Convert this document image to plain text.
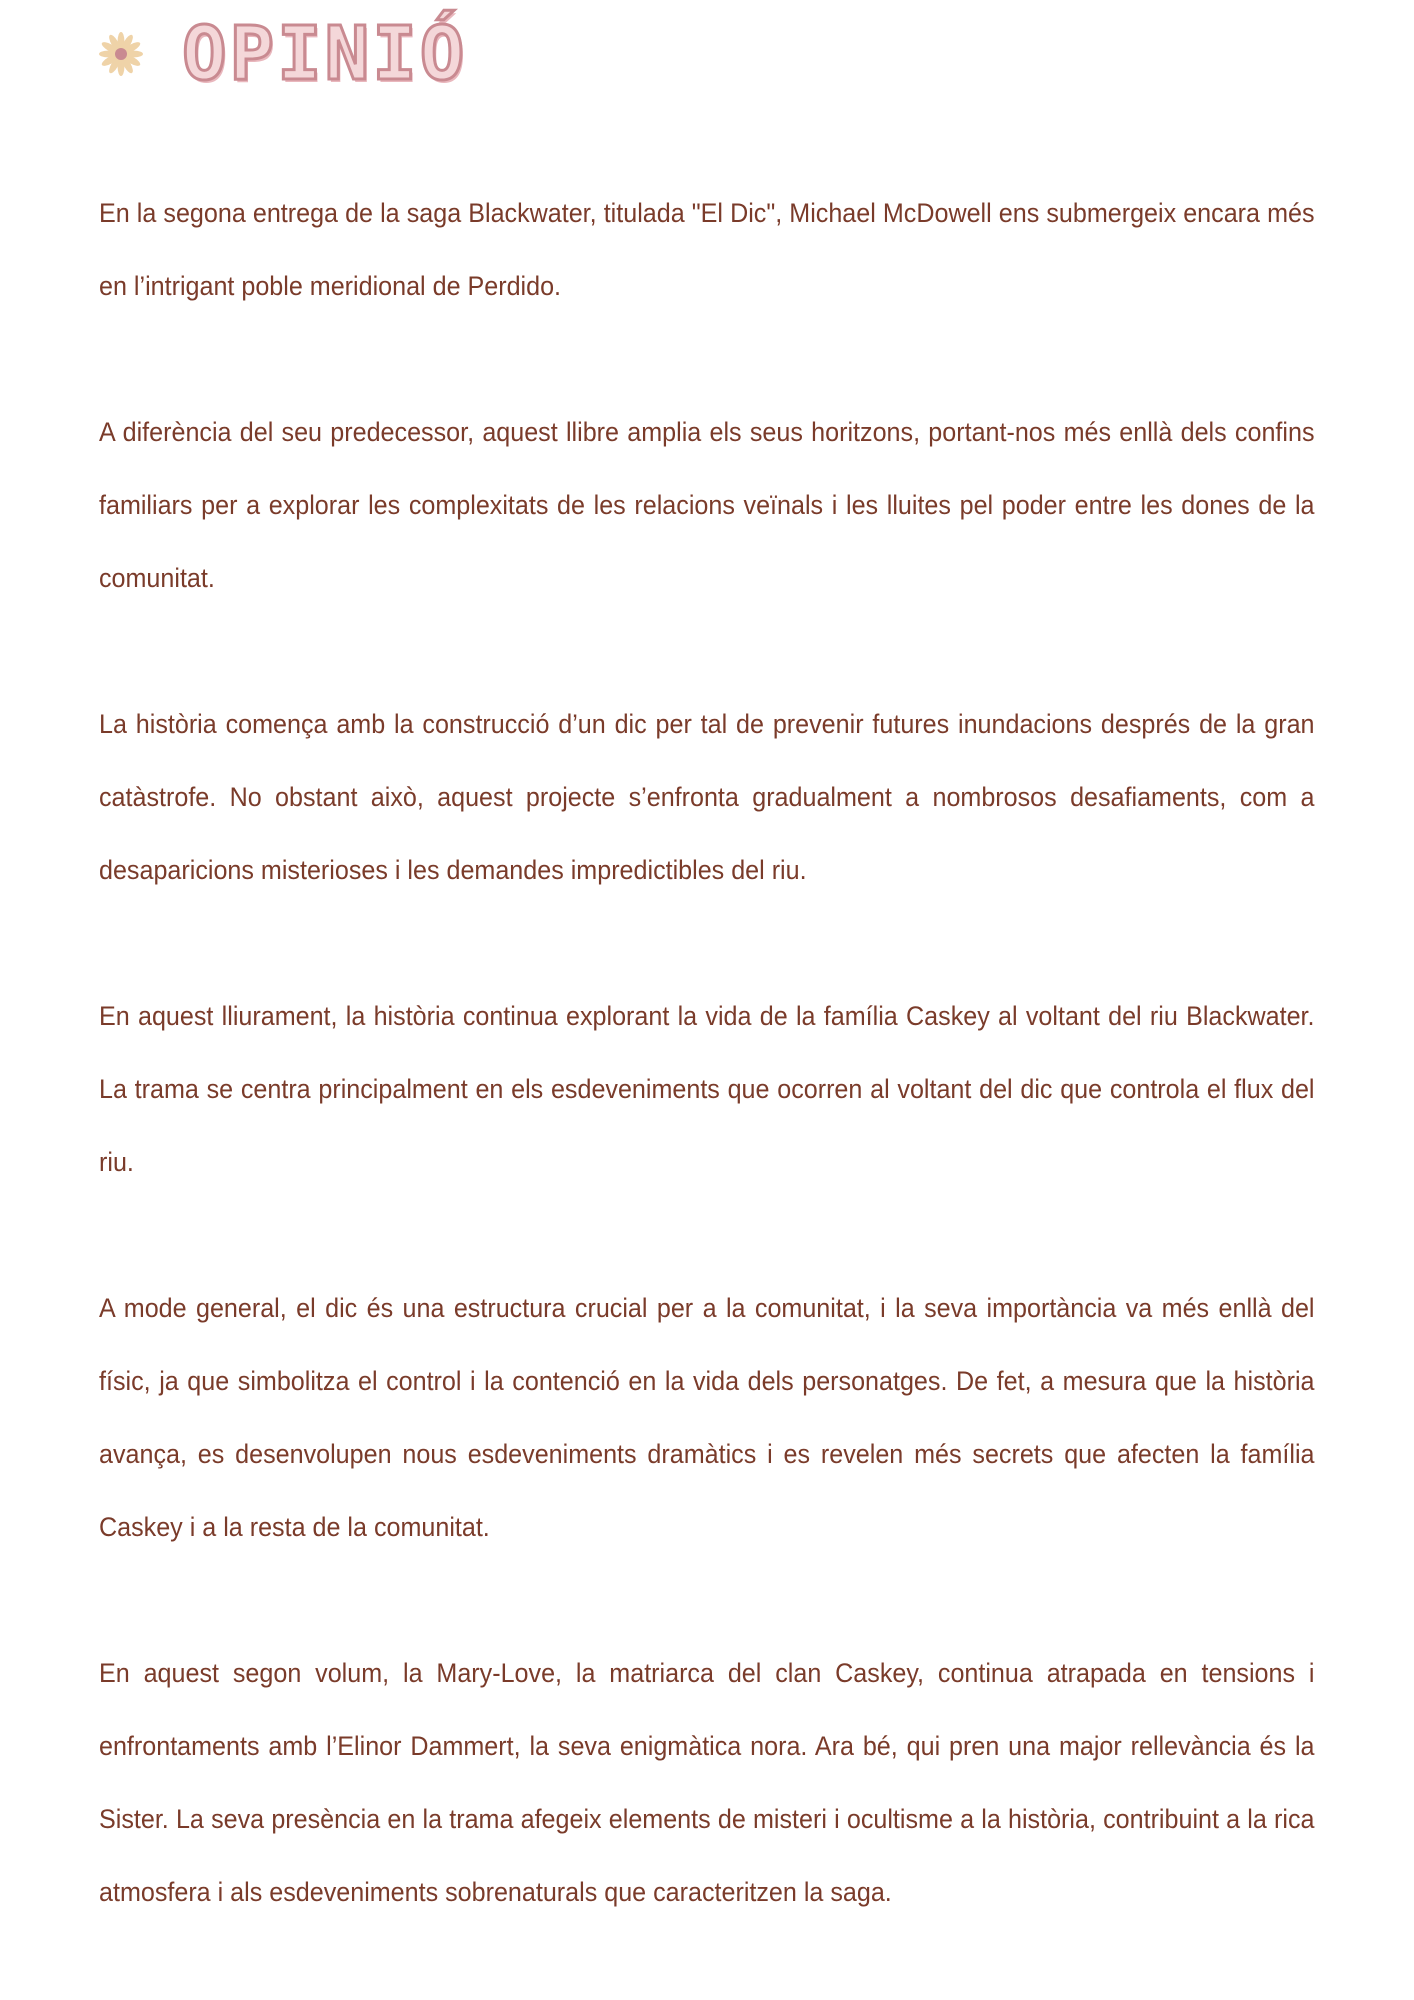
OPINIÓ

En la segona entrega de la saga Blackwater, titulada "El Dic", Michael McDowell ens submergeix encara més en l’intrigant poble meridional de Perdido.

A diferència del seu predecessor, aquest llibre amplia els seus horitzons, portant-nos més enllà dels confins familiars per a explorar les complexitats de les relacions veïnals i les lluites pel poder entre les dones de la comunitat.

La història comença amb la construcció d’un dic per tal de prevenir futures inundacions després de la gran catàstrofe. No obstant això, aquest projecte s’enfronta gradualment a nombrosos desafiaments, com a desaparicions misterioses i les demandes impredictibles del riu.

En aquest lliurament, la història continua explorant la vida de la família Caskey al voltant del riu Blackwater. La trama se centra principalment en els esdeveniments que ocorren al voltant del dic que controla el flux del riu.

A mode general, el dic és una estructura crucial per a la comunitat, i la seva importància va més enllà del físic, ja que simbolitza el control i la contenció en la vida dels personatges. De fet, a mesura que la història avança, es desenvolupen nous esdeveniments dramàtics i es revelen més secrets que afecten la família Caskey i a la resta de la comunitat.

En aquest segon volum, la Mary-Love, la matriarca del clan Caskey, continua atrapada en tensions i enfrontaments amb l’Elinor Dammert, la seva enigmàtica nora. Ara bé, qui pren una major rellevància és la Sister. La seva presència en la trama afegeix elements de misteri i ocultisme a la història, contribuint a la rica atmosfera i als esdeveniments sobrenaturals que caracteritzen la saga.
